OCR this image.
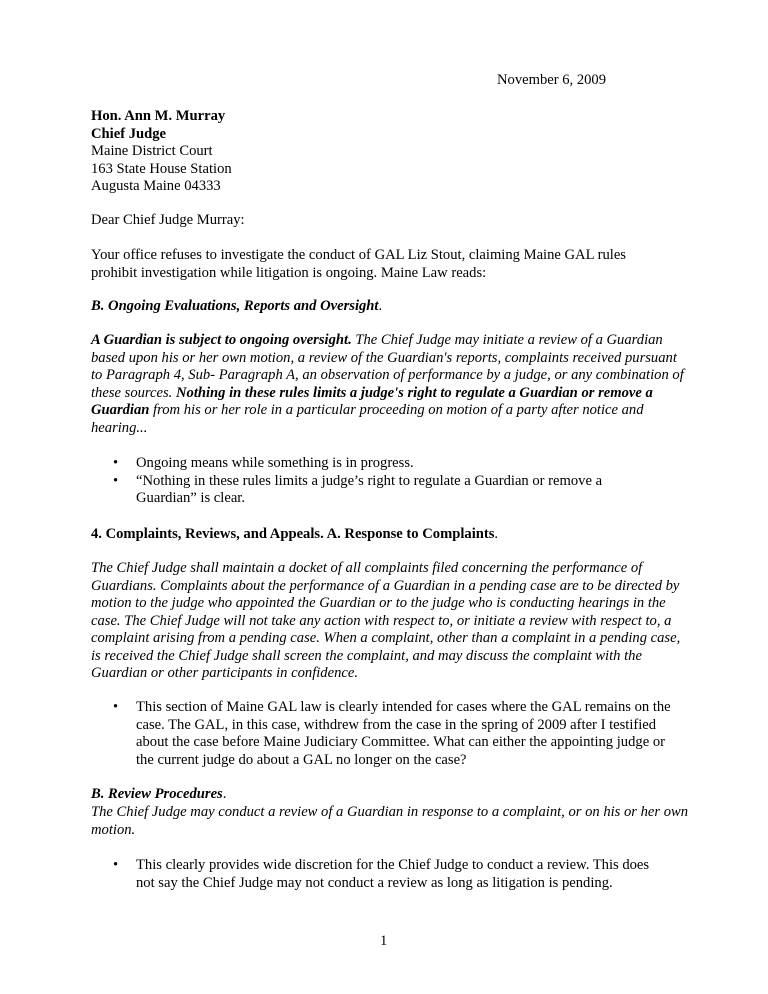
November 6, 2009
Hon. Ann M. Murray
Chief Judge
Maine District Court
163 State House Station
Augusta Maine 04333
Dear Chief Judge Murray:
Your office refuses to investigate the conduct of GAL Liz Stout, claiming Maine GAL rules
prohibit investigation while litigation is ongoing. Maine Law reads:
B. Ongoing Evaluations, Reports and Oversight.
A Guardian is subject to ongoing oversight. The Chief Judge may initiate a review of a Guardian based upon his or her own motion, a review of the Guardian's reports, complaints received pursuant to Paragraph 4, Sub- Paragraph A, an observation of performance by a judge, or any combination of these sources. Nothing in these rules limits a judge's right to regulate a Guardian or remove a Guardian from his or her role in a particular proceeding on motion of a party after notice and hearing...
• Ongoing means while something is in progress.
• “Nothing in these rules limits a judge’s right to regulate a Guardian or remove a Guardian” is clear.
4. Complaints, Reviews, and Appeals. A. Response to Complaints.
The Chief Judge shall maintain a docket of all complaints filed concerning the performance of Guardians. Complaints about the performance of a Guardian in a pending case are to be directed by motion to the judge who appointed the Guardian or to the judge who is conducting hearings in the case. The Chief Judge will not take any action with respect to, or initiate a review with respect to, a complaint arising from a pending case. When a complaint, other than a complaint in a pending case, is received the Chief Judge shall screen the complaint, and may discuss the complaint with the Guardian or other participants in confidence.
• This section of Maine GAL law is clearly intended for cases where the GAL remains on the case. The GAL, in this case, withdrew from the case in the spring of 2009 after I testified about the case before Maine Judiciary Committee. What can either the appointing judge or the current judge do about a GAL no longer on the case?
B. Review Procedures.
The Chief Judge may conduct a review of a Guardian in response to a complaint, or on his or her own motion.
• This clearly provides wide discretion for the Chief Judge to conduct a review. This does not say the Chief Judge may not conduct a review as long as litigation is pending.
1
